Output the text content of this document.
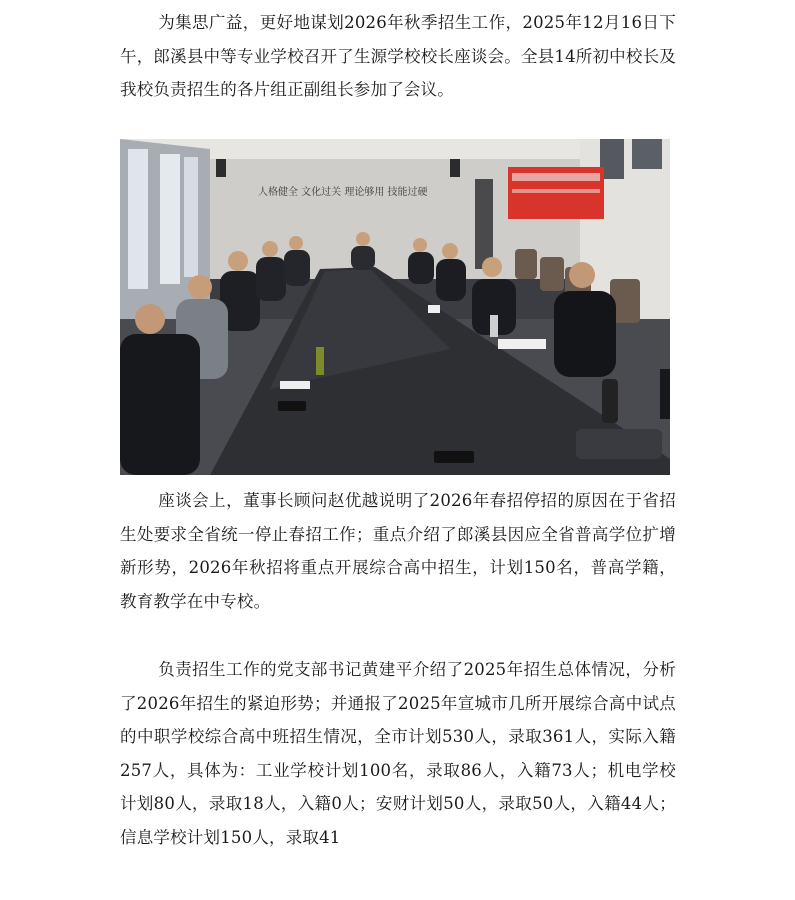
为集思广益，更好地谋划2026年秋季招生工作，2025年12月16日下午，郎溪县中等专业学校召开了生源学校校长座谈会。全县14所初中校长及我校负责招生的各片组正副组长参加了会议。

人格健全 文化过关 理论够用 技能过硬

座谈会上，董事长顾问赵优越说明了2026年春招停招的原因在于省招生处要求全省统一停止春招工作；重点介绍了郎溪县因应全省普高学位扩增新形势，2026年秋招将重点开展综合高中招生，计划150名，普高学籍，教育教学在中专校。

负责招生工作的党支部书记黄建平介绍了2025年招生总体情况，分析了2026年招生的紧迫形势；并通报了2025年宣城市几所开展综合高中试点的中职学校综合高中班招生情况，全市计划530人，录取361人，实际入籍257人，具体为：工业学校计划100名，录取86人，入籍73人；机电学校计划80人，录取18人，入籍0人；安财计划50人，录取50人，入籍44人；信息学校计划150人，录取41
